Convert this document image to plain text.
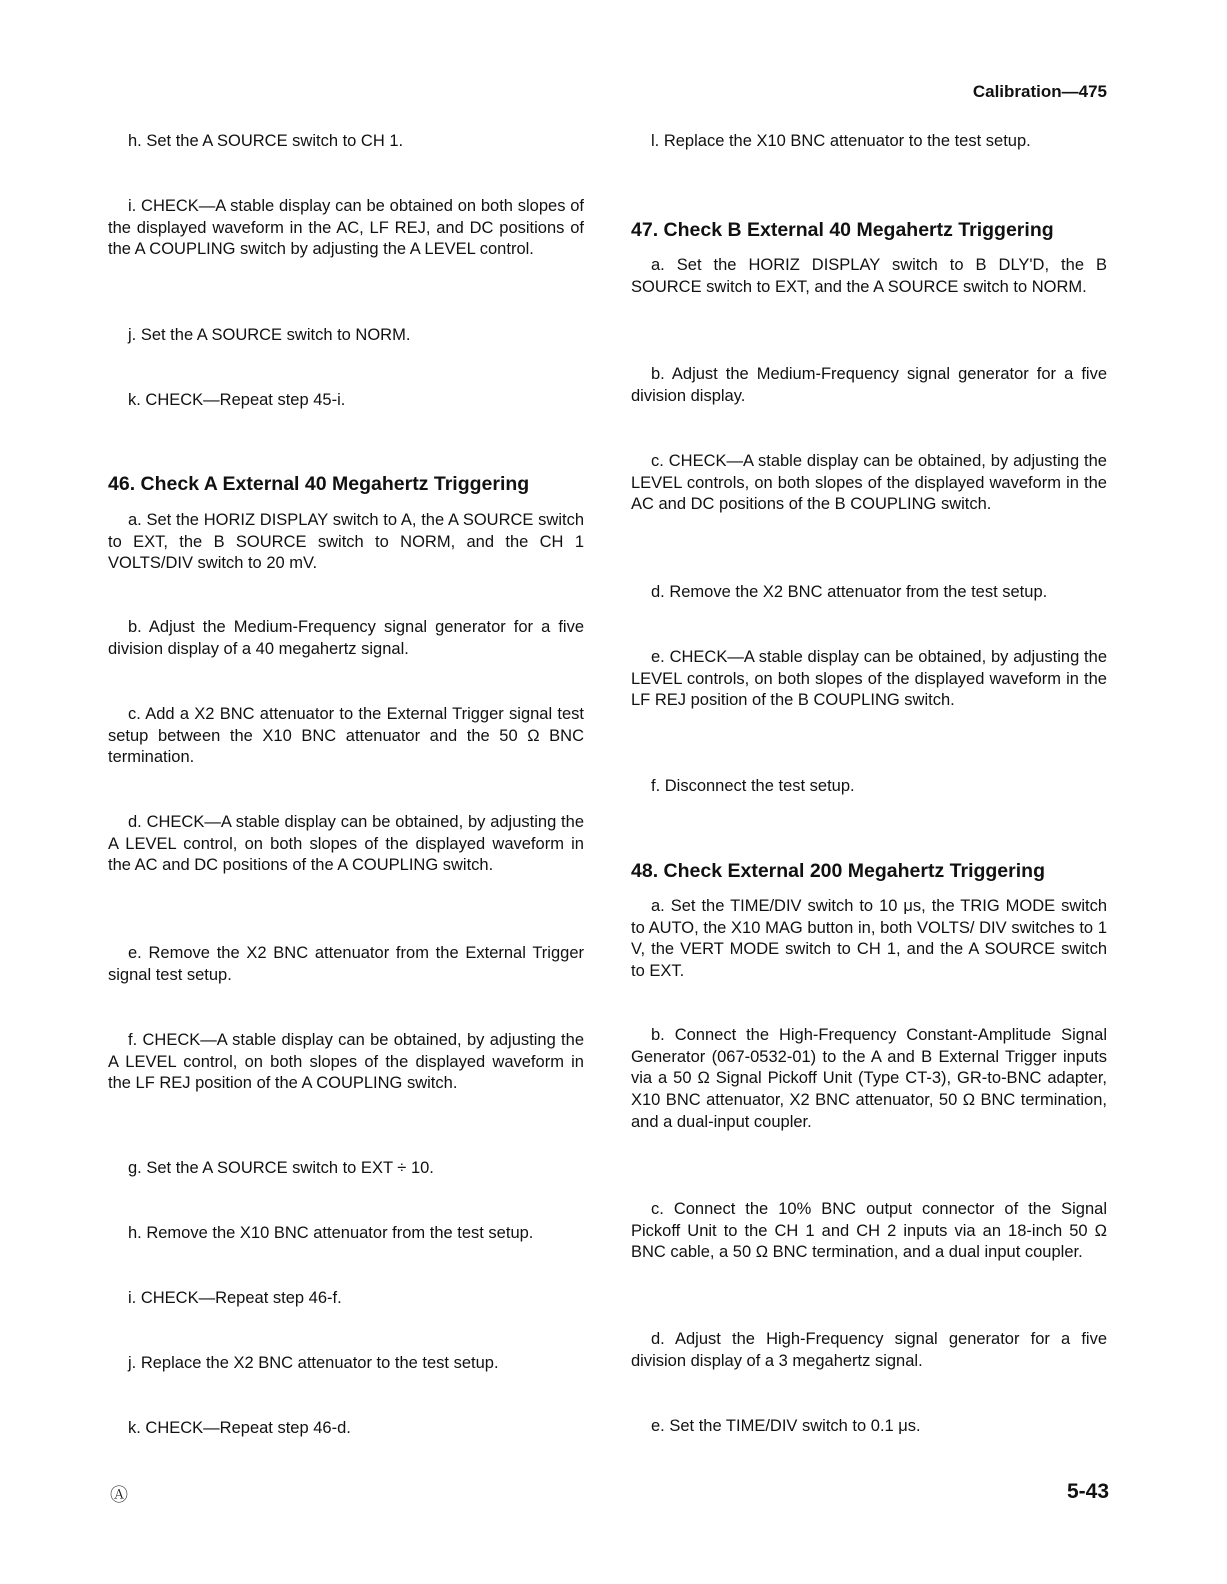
Calibration—475

h. Set the A SOURCE switch to CH 1.

i. CHECK—A stable display can be obtained on both slopes of the displayed waveform in the AC, LF REJ, and DC positions of the A COUPLING switch by adjusting the A LEVEL control.

j. Set the A SOURCE switch to NORM.

k. CHECK—Repeat step 45-i.

46. Check A External 40 Megahertz Triggering

a. Set the HORIZ DISPLAY switch to A, the A SOURCE switch to EXT, the B SOURCE switch to NORM, and the CH 1 VOLTS/DIV switch to 20 mV.

b. Adjust the Medium-Frequency signal generator for a five division display of a 40 megahertz signal.

c. Add a X2 BNC attenuator to the External Trigger signal test setup between the X10 BNC attenuator and the 50 Ω BNC termination.

d. CHECK—A stable display can be obtained, by adjusting the A LEVEL control, on both slopes of the displayed waveform in the AC and DC positions of the A COUPLING switch.

e. Remove the X2 BNC attenuator from the External Trigger signal test setup.

f. CHECK—A stable display can be obtained, by adjusting the A LEVEL control, on both slopes of the displayed waveform in the LF REJ position of the A COUPLING switch.

g. Set the A SOURCE switch to EXT ÷ 10.

h. Remove the X10 BNC attenuator from the test setup.

i. CHECK—Repeat step 46-f.

j. Replace the X2 BNC attenuator to the test setup.

k. CHECK—Repeat step 46-d.

l. Replace the X10 BNC attenuator to the test setup.

47. Check B External 40 Megahertz Triggering

a. Set the HORIZ DISPLAY switch to B DLY'D, the B SOURCE switch to EXT, and the A SOURCE switch to NORM.

b. Adjust the Medium-Frequency signal generator for a five division display.

c. CHECK—A stable display can be obtained, by adjusting the LEVEL controls, on both slopes of the displayed waveform in the AC and DC positions of the B COUPLING switch.

d. Remove the X2 BNC attenuator from the test setup.

e. CHECK—A stable display can be obtained, by adjusting the LEVEL controls, on both slopes of the displayed waveform in the LF REJ position of the B COUPLING switch.

f. Disconnect the test setup.

48. Check External 200 Megahertz Triggering

a. Set the TIME/DIV switch to 10 μs, the TRIG MODE switch to AUTO, the X10 MAG button in, both VOLTS/ DIV switches to 1 V, the VERT MODE switch to CH 1, and the A SOURCE switch to EXT.

b. Connect the High-Frequency Constant-Amplitude Signal Generator (067-0532-01) to the A and B External Trigger inputs via a 50 Ω Signal Pickoff Unit (Type CT-3), GR-to-BNC adapter, X10 BNC attenuator, X2 BNC attenuator, 50 Ω BNC termination, and a dual-input coupler.

c. Connect the 10% BNC output connector of the Signal Pickoff Unit to the CH 1 and CH 2 inputs via an 18-inch 50 Ω BNC cable, a 50 Ω BNC termination, and a dual input coupler.

d. Adjust the High-Frequency signal generator for a five division display of a 3 megahertz signal.

e. Set the TIME/DIV switch to 0.1 μs.

Ⓐ	5-43
